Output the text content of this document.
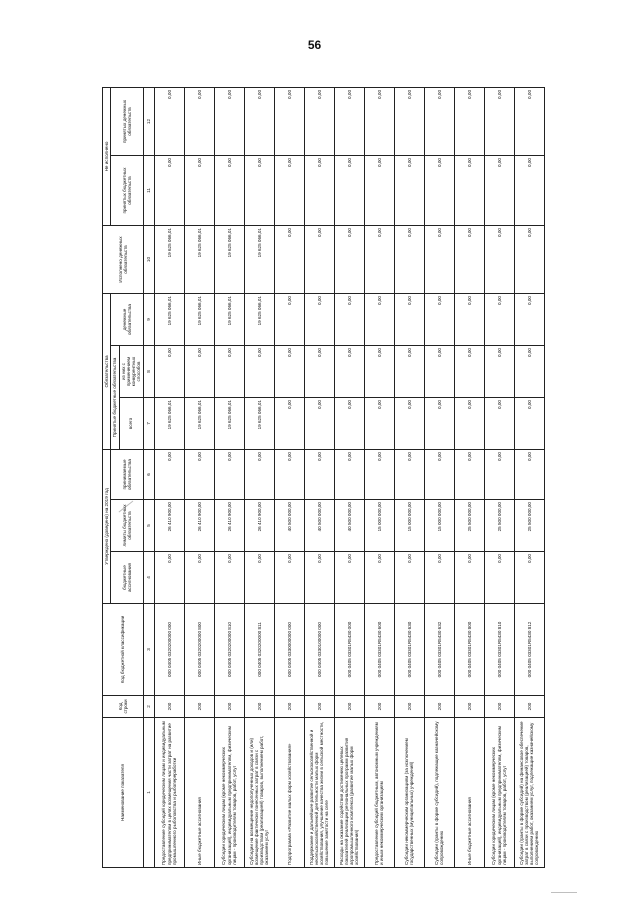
56
Наименование показателя	Код строки	Код бюджетной классификации	Утверждено (доведено) на 2019 год			Обязательства			Исполнено денежных обязательств	Не исполнено	
			бюджетные ассигнования	лимиты бюджетных обязательств	принимаемые обязательства	Принятые бюджетные обязательства		денежные обязательства		принятых бюджетных обязательств	принятых денежных обязательств
						всего	из них с применением конкурентных способов				
1	2	3	4	5	6	7	8	9	10	11	12
Предоставление субсидий юридическим лицам и индивидуальным предпринимателям в целях возмещения части затрат на развитие промышленного рыболовства и рыбопереработки	200	000 0405 0320200000 000	0,00	26 410 900,00	0,00	19 625 066,01	0,00	19 625 066,01	19 625 066,01	0,00	0,00
Иные бюджетные ассигнования	200	000 0405 0320200000 800	0,00	26 410 900,00	0,00	19 625 066,01	0,00	19 625 066,01	19 625 066,01	0,00	0,00
Субсидии юридическим лицам (кроме некоммерческих организаций), индивидуальным предпринимателям, физическим лицам - производителям товаров, работ, услуг	200	000 0405 0320200000 810	0,00	26 410 900,00	0,00	19 625 066,01	0,00	19 625 066,01	19 625 066,01	0,00	0,00
Субсидии на возмещение недополученных доходов и (или) возмещение фактически понесенных затрат в связи с производством (реализацией) товаров, выполнением работ, оказанием услуг	200	000 0405 0320200000 811	0,00	26 410 900,00	0,00	19 625 066,01	0,00	19 625 066,01	19 625 066,01	0,00	0,00
Подпрограмма «Развитие малых форм хозяйствования»	200	000 0405 0330000000 000	0,00	40 500 000,00	0,00	0,00	0,00	0,00	0,00	0,00	0,00
Поддержание и дальнейшее развитие сельскохозяйственной и несельскохозяйственной деятельности малых форм хозяйствования, улучшение качества жизни в сельской местности, повышение занятости на селе	200	000 0405 0330100000 000	0,00	40 500 000,00	0,00	0,00	0,00	0,00	0,00	0,00	0,00
Расходы на оказание содействия достижению целевых показателей реализации региональных программ развития агропромышленного комплекса (развитие малых форм хозяйствования)	200	000 0405 03301R5430 000	0,00	40 500 000,00	0,00	0,00	0,00	0,00	0,00	0,00	0,00
Предоставление субсидий бюджетным, автономным учреждениям и иным некоммерческим организациям	200	000 0405 03301R5430 600	0,00	15 000 000,00	0,00	0,00	0,00	0,00	0,00	0,00	0,00
Субсидии некоммерческим организациям (за исключением государственных (муниципальных) учреждений)	200	000 0405 03301R5430 630	0,00	15 000 000,00	0,00	0,00	0,00	0,00	0,00	0,00	0,00
Субсидии (гранты в форме субсидий), подлежащие казначейскому сопровождению	200	000 0405 03301R5430 632	0,00	15 000 000,00	0,00	0,00	0,00	0,00	0,00	0,00	0,00
Иные бюджетные ассигнования	200	000 0405 03301R5430 800	0,00	25 500 000,00	0,00	0,00	0,00	0,00	0,00	0,00	0,00
Субсидии юридическим лицам (кроме некоммерческих организаций), индивидуальным предпринимателям, физическим лицам - производителям товаров, работ, услуг	200	000 0405 03301R5430 810	0,00	25 500 000,00	0,00	0,00	0,00	0,00	0,00	0,00	0,00
Субсидии (гранты в форме субсидий) на финансовое обеспечение затрат в связи с производством (реализацией) товаров, выполнением работ, оказанием услуг, подлежащие казначейскому сопровождению	200	000 0405 03301R5430 812	0,00	25 500 000,00	0,00	0,00	0,00	0,00	0,00	0,00	0,00
